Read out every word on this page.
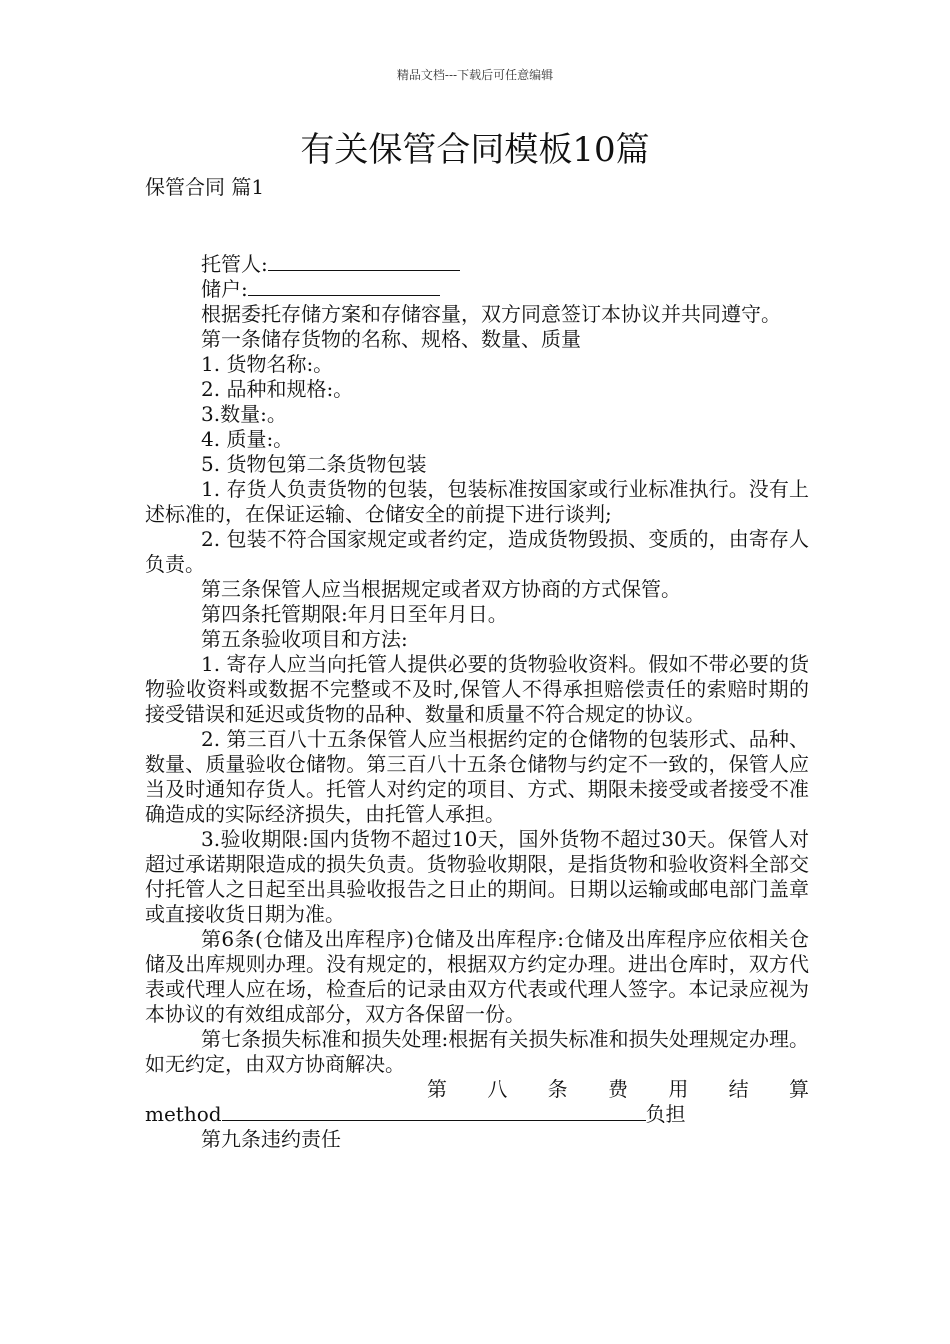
精品文档---下载后可任意编辑
有关保管合同模板10篇
保管合同 篇1

托管人:

储户:

根据委托存储方案和存储容量，双方同意签订本协议并共同遵守。

第一条储存货物的名称、规格、数量、质量

1. 货物名称:。

2. 品种和规格:。

3.数量:。

4. 质量:。

5. 货物包第二条货物包装

1. 存货人负责货物的包装，包装标准按国家或行业标准执行。没有上述标准的，在保证运输、仓储安全的前提下进行谈判;

2. 包装不符合国家规定或者约定，造成货物毁损、变质的，由寄存人负责。

第三条保管人应当根据规定或者双方协商的方式保管。

第四条托管期限:年月日至年月日。

第五条验收项目和方法:

1. 寄存人应当向托管人提供必要的货物验收资料。假如不带必要的货物验收资料或数据不完整或不及时,保管人不得承担赔偿责任的索赔时期的接受错误和延迟或货物的品种、数量和质量不符合规定的协议。

2. 第三百八十五条保管人应当根据约定的仓储物的包装形式、品种、数量、质量验收仓储物。第三百八十五条仓储物与约定不一致的，保管人应当及时通知存货人。托管人对约定的项目、方式、期限未接受或者接受不准确造成的实际经济损失，由托管人承担。

3.验收期限:国内货物不超过10天，国外货物不超过30天。保管人对超过承诺期限造成的损失负责。货物验收期限，是指货物和验收资料全部交付托管人之日起至出具验收报告之日止的期间。日期以运输或邮电部门盖章或直接收货日期为准。

第6条(仓储及出库程序)仓储及出库程序:仓储及出库程序应依相关仓储及出库规则办理。没有规定的，根据双方约定办理。进出仓库时，双方代表或代理人应在场，检查后的记录由双方代表或代理人签字。本记录应视为本协议的有效组成部分，双方各保留一份。

第七条损失标准和损失处理:根据有关损失标准和损失处理规定办理。如无约定，由双方协商解决。

第 八 条 费 用 结 算

method	负担

第九条违约责任
